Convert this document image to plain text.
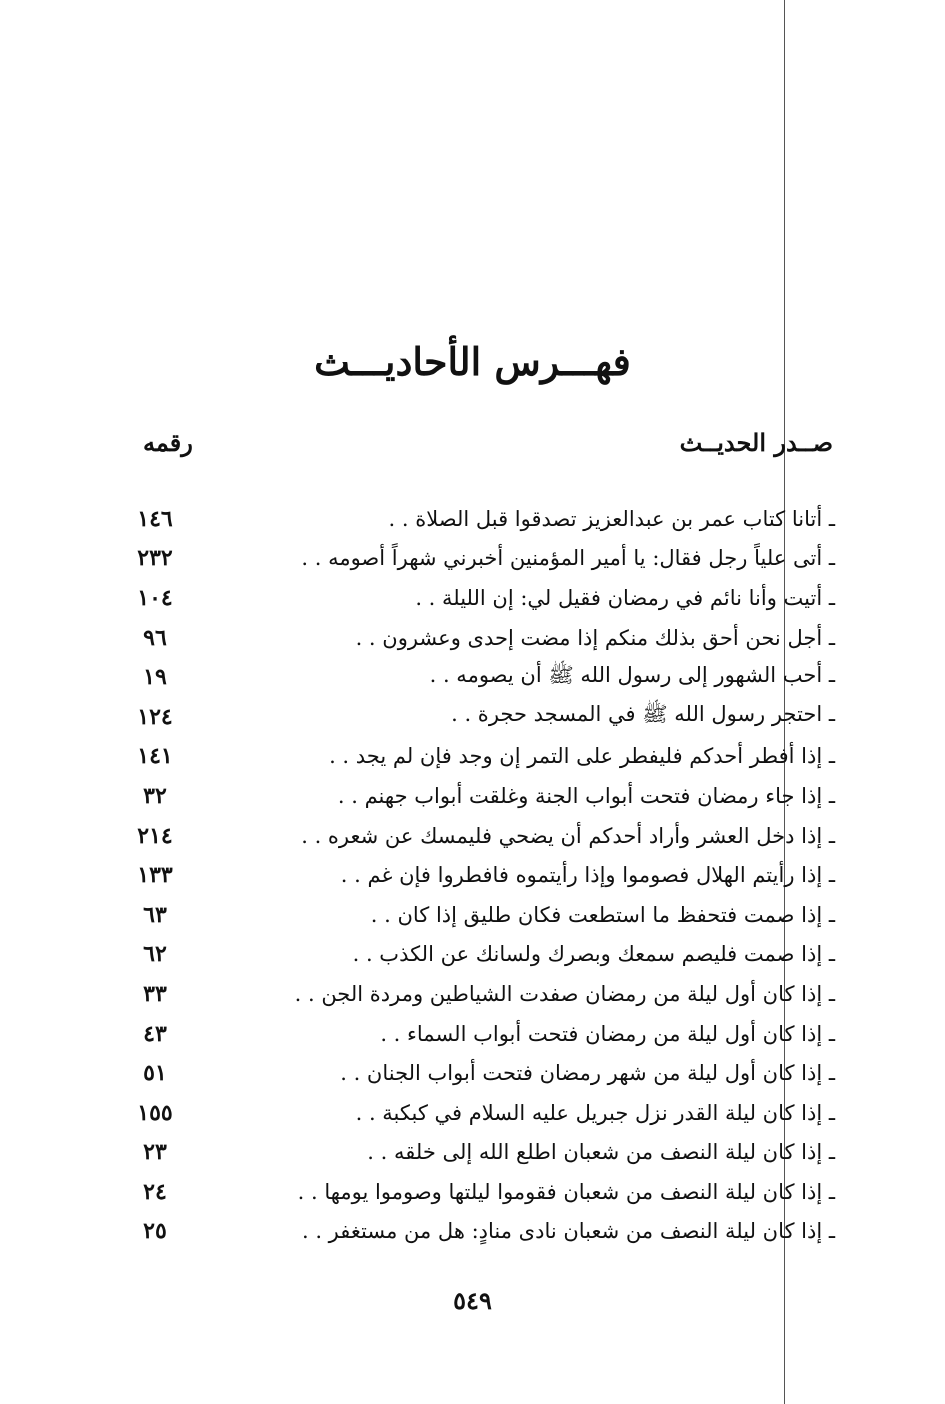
فهـــرس الأحاديـــث
صــدر الحديــث
رقمه
ـ أتانا كتاب عمر بن عبدالعزيز تصدقوا قبل الصلاة . .
١٤٦
ـ أتى علياً رجل فقال: يا أمير المؤمنين أخبرني شهراً أصومه . .
٢٣٢
ـ أتيت وأنا نائم في رمضان فقيل لي: إن الليلة . .
١٠٤
ـ أجل نحن أحق بذلك منكم إذا مضت إحدى وعشرون . .
٩٦
ـ أحب الشهور إلى رسول الله ﷺ أن يصومه . .
١٩
ـ احتجر رسول الله ﷺ في المسجد حجرة . .
١٢٤
ـ إذا أفطر أحدكم فليفطر على التمر إن وجد فإن لم يجد . .
١٤١
ـ إذا جاء رمضان فتحت أبواب الجنة وغلقت أبواب جهنم . .
٣٢
ـ إذا دخل العشر وأراد أحدكم أن يضحي فليمسك عن شعره . .
٢١٤
ـ إذا رأيتم الهلال فصوموا وإذا رأيتموه فافطروا فإن غم . .
١٣٣
ـ إذا صمت فتحفظ ما استطعت فكان طليق إذا كان . .
٦٣
ـ إذا صمت فليصم سمعك وبصرك ولسانك عن الكذب . .
٦٢
ـ إذا كان أول ليلة من رمضان صفدت الشياطين ومردة الجن . .
٣٣
ـ إذا كان أول ليلة من رمضان فتحت أبواب السماء . .
٤٣
ـ إذا كان أول ليلة من شهر رمضان فتحت أبواب الجنان . .
٥١
ـ إذا كان ليلة القدر نزل جبريل عليه السلام في كبكبة . .
١٥٥
ـ إذا كان ليلة النصف من شعبان اطلع الله إلى خلقه . .
٢٣
ـ إذا كان ليلة النصف من شعبان فقوموا ليلتها وصوموا يومها . .
٢٤
ـ إذا كان ليلة النصف من شعبان نادى منادٍ: هل من مستغفر . .
٢٥
٥٤٩
